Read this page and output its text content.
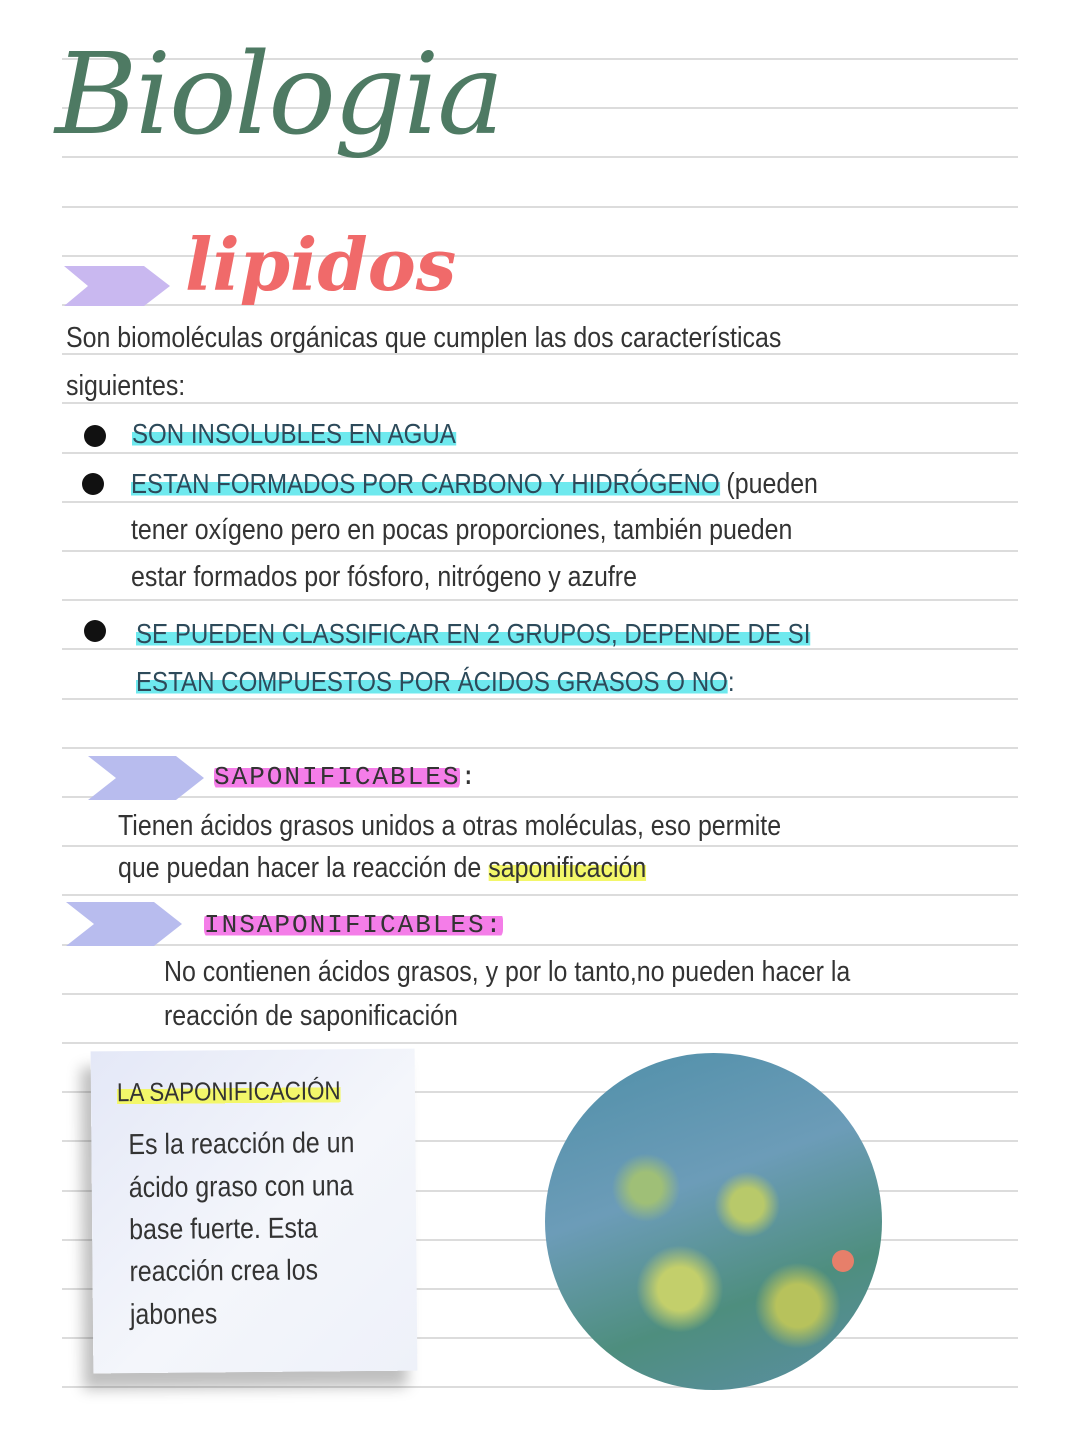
Biologia
lipidos
Son biomoléculas orgánicas que cumplen las dos características
siguientes:
SON INSOLUBLES EN AGUA
ESTAN FORMADOS POR CARBONO Y HIDRÓGENO (pueden
tener oxígeno pero en pocas proporciones, también pueden
estar formados por fósforo, nitrógeno y azufre
SE PUEDEN CLASSIFICAR EN 2 GRUPOS, DEPENDE DE SI
ESTAN COMPUESTOS POR ÁCIDOS GRASOS O NO:
SAPONIFICABLES:
Tienen ácidos grasos unidos a otras moléculas, eso permite
que puedan hacer la reacción de saponificación
INSAPONIFICABLES:
No contienen ácidos grasos, y por lo tanto,no pueden hacer la
reacción de saponificación
LA SAPONIFICACIÓN
Es la reacción de un
ácido graso con una
base fuerte. Esta
reacción crea los
jabones
